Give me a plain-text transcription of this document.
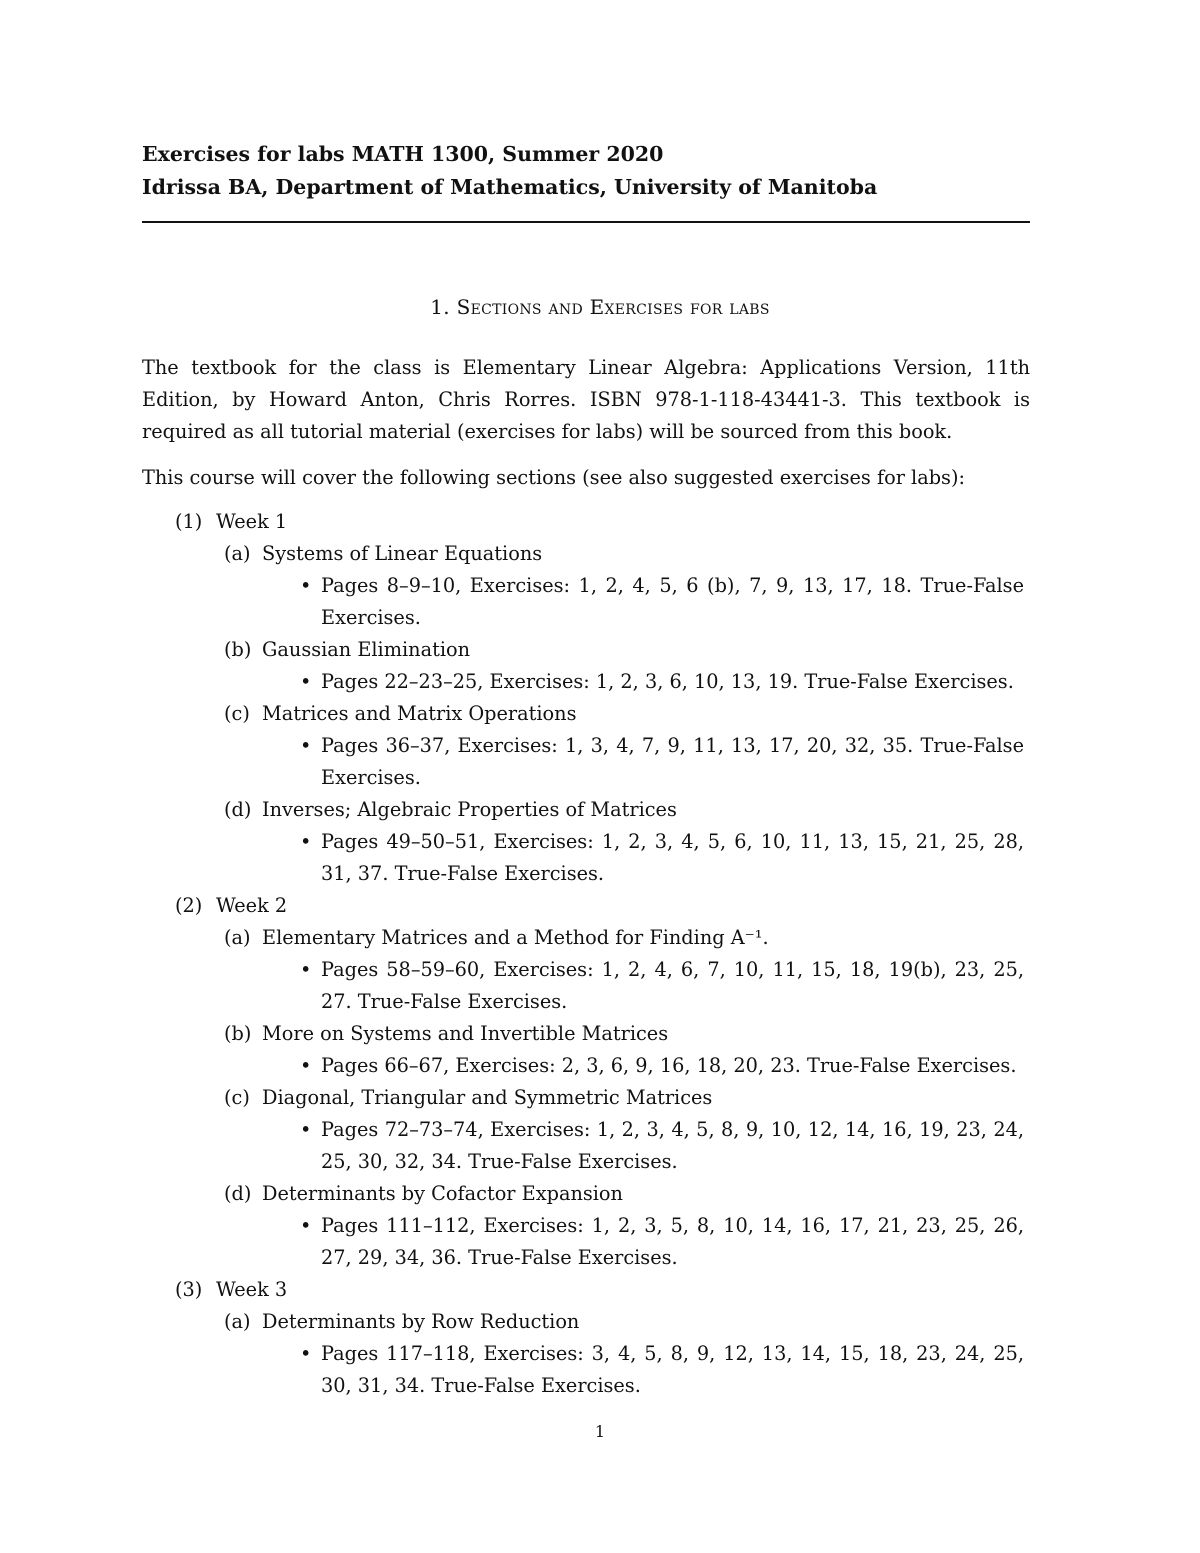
Exercises for labs MATH 1300, Summer 2020
Idrissa BA, Department of Mathematics, University of Manitoba
1. Sections and Exercises for labs

The textbook for the class is Elementary Linear Algebra: Applications Version, 11th Edition, by Howard Anton, Chris Rorres. ISBN 978-1-118-43441-3. This textbook is required as all tutorial material (exercises for labs) will be sourced from this book.

This course will cover the following sections (see also suggested exercises for labs):

(1) Week 1
(a) Systems of Linear Equations
• Pages 8–9–10, Exercises: 1, 2, 4, 5, 6 (b), 7, 9, 13, 17, 18. True-False Exercises.
(b) Gaussian Elimination
• Pages 22–23–25, Exercises: 1, 2, 3, 6, 10, 13, 19. True-False Exercises.
(c) Matrices and Matrix Operations
• Pages 36–37, Exercises: 1, 3, 4, 7, 9, 11, 13, 17, 20, 32, 35. True-False Exercises.
(d) Inverses; Algebraic Properties of Matrices
• Pages 49–50–51, Exercises: 1, 2, 3, 4, 5, 6, 10, 11, 13, 15, 21, 25, 28, 31, 37. True-False Exercises.
(2) Week 2
(a) Elementary Matrices and a Method for Finding A⁻¹.
• Pages 58–59–60, Exercises: 1, 2, 4, 6, 7, 10, 11, 15, 18, 19(b), 23, 25, 27. True-False Exercises.
(b) More on Systems and Invertible Matrices
• Pages 66–67, Exercises: 2, 3, 6, 9, 16, 18, 20, 23. True-False Exercises.
(c) Diagonal, Triangular and Symmetric Matrices
• Pages 72–73–74, Exercises: 1, 2, 3, 4, 5, 8, 9, 10, 12, 14, 16, 19, 23, 24, 25, 30, 32, 34. True-False Exercises.
(d) Determinants by Cofactor Expansion
• Pages 111–112, Exercises: 1, 2, 3, 5, 8, 10, 14, 16, 17, 21, 23, 25, 26, 27, 29, 34, 36. True-False Exercises.
(3) Week 3
(a) Determinants by Row Reduction
• Pages 117–118, Exercises: 3, 4, 5, 8, 9, 12, 13, 14, 15, 18, 23, 24, 25, 30, 31, 34. True-False Exercises.
1
